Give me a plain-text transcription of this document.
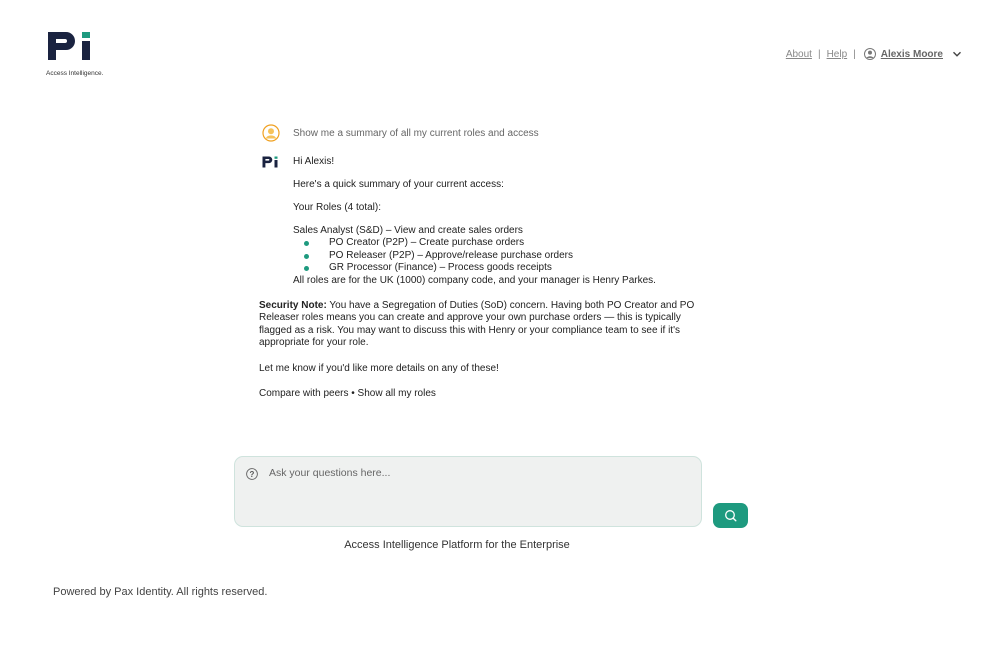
Access Intelligence.
About | Help |	Alexis Moore
Show me a summary of all my current roles and access
Hi Alexis!
Here's a quick summary of your current access:
Your Roles (4 total):
Sales Analyst (S&D) – View and create sales orders
PO Creator (P2P) – Create purchase orders
PO Releaser (P2P) – Approve/release purchase orders
GR Processor (Finance) – Process goods receipts
All roles are for the UK (1000) company code, and your manager is Henry Parkes.
Security Note: You have a Segregation of Duties (SoD) concern. Having both PO Creator and PO Releaser roles means you can create and approve your own purchase orders — this is typically flagged as a risk. You may want to discuss this with Henry or your compliance team to see if it's appropriate for your role.
Let me know if you'd like more details on any of these!
Compare with peers • Show all my roles
?
Ask your questions here...
Access Intelligence Platform for the Enterprise
Powered by Pax Identity. All rights reserved.
